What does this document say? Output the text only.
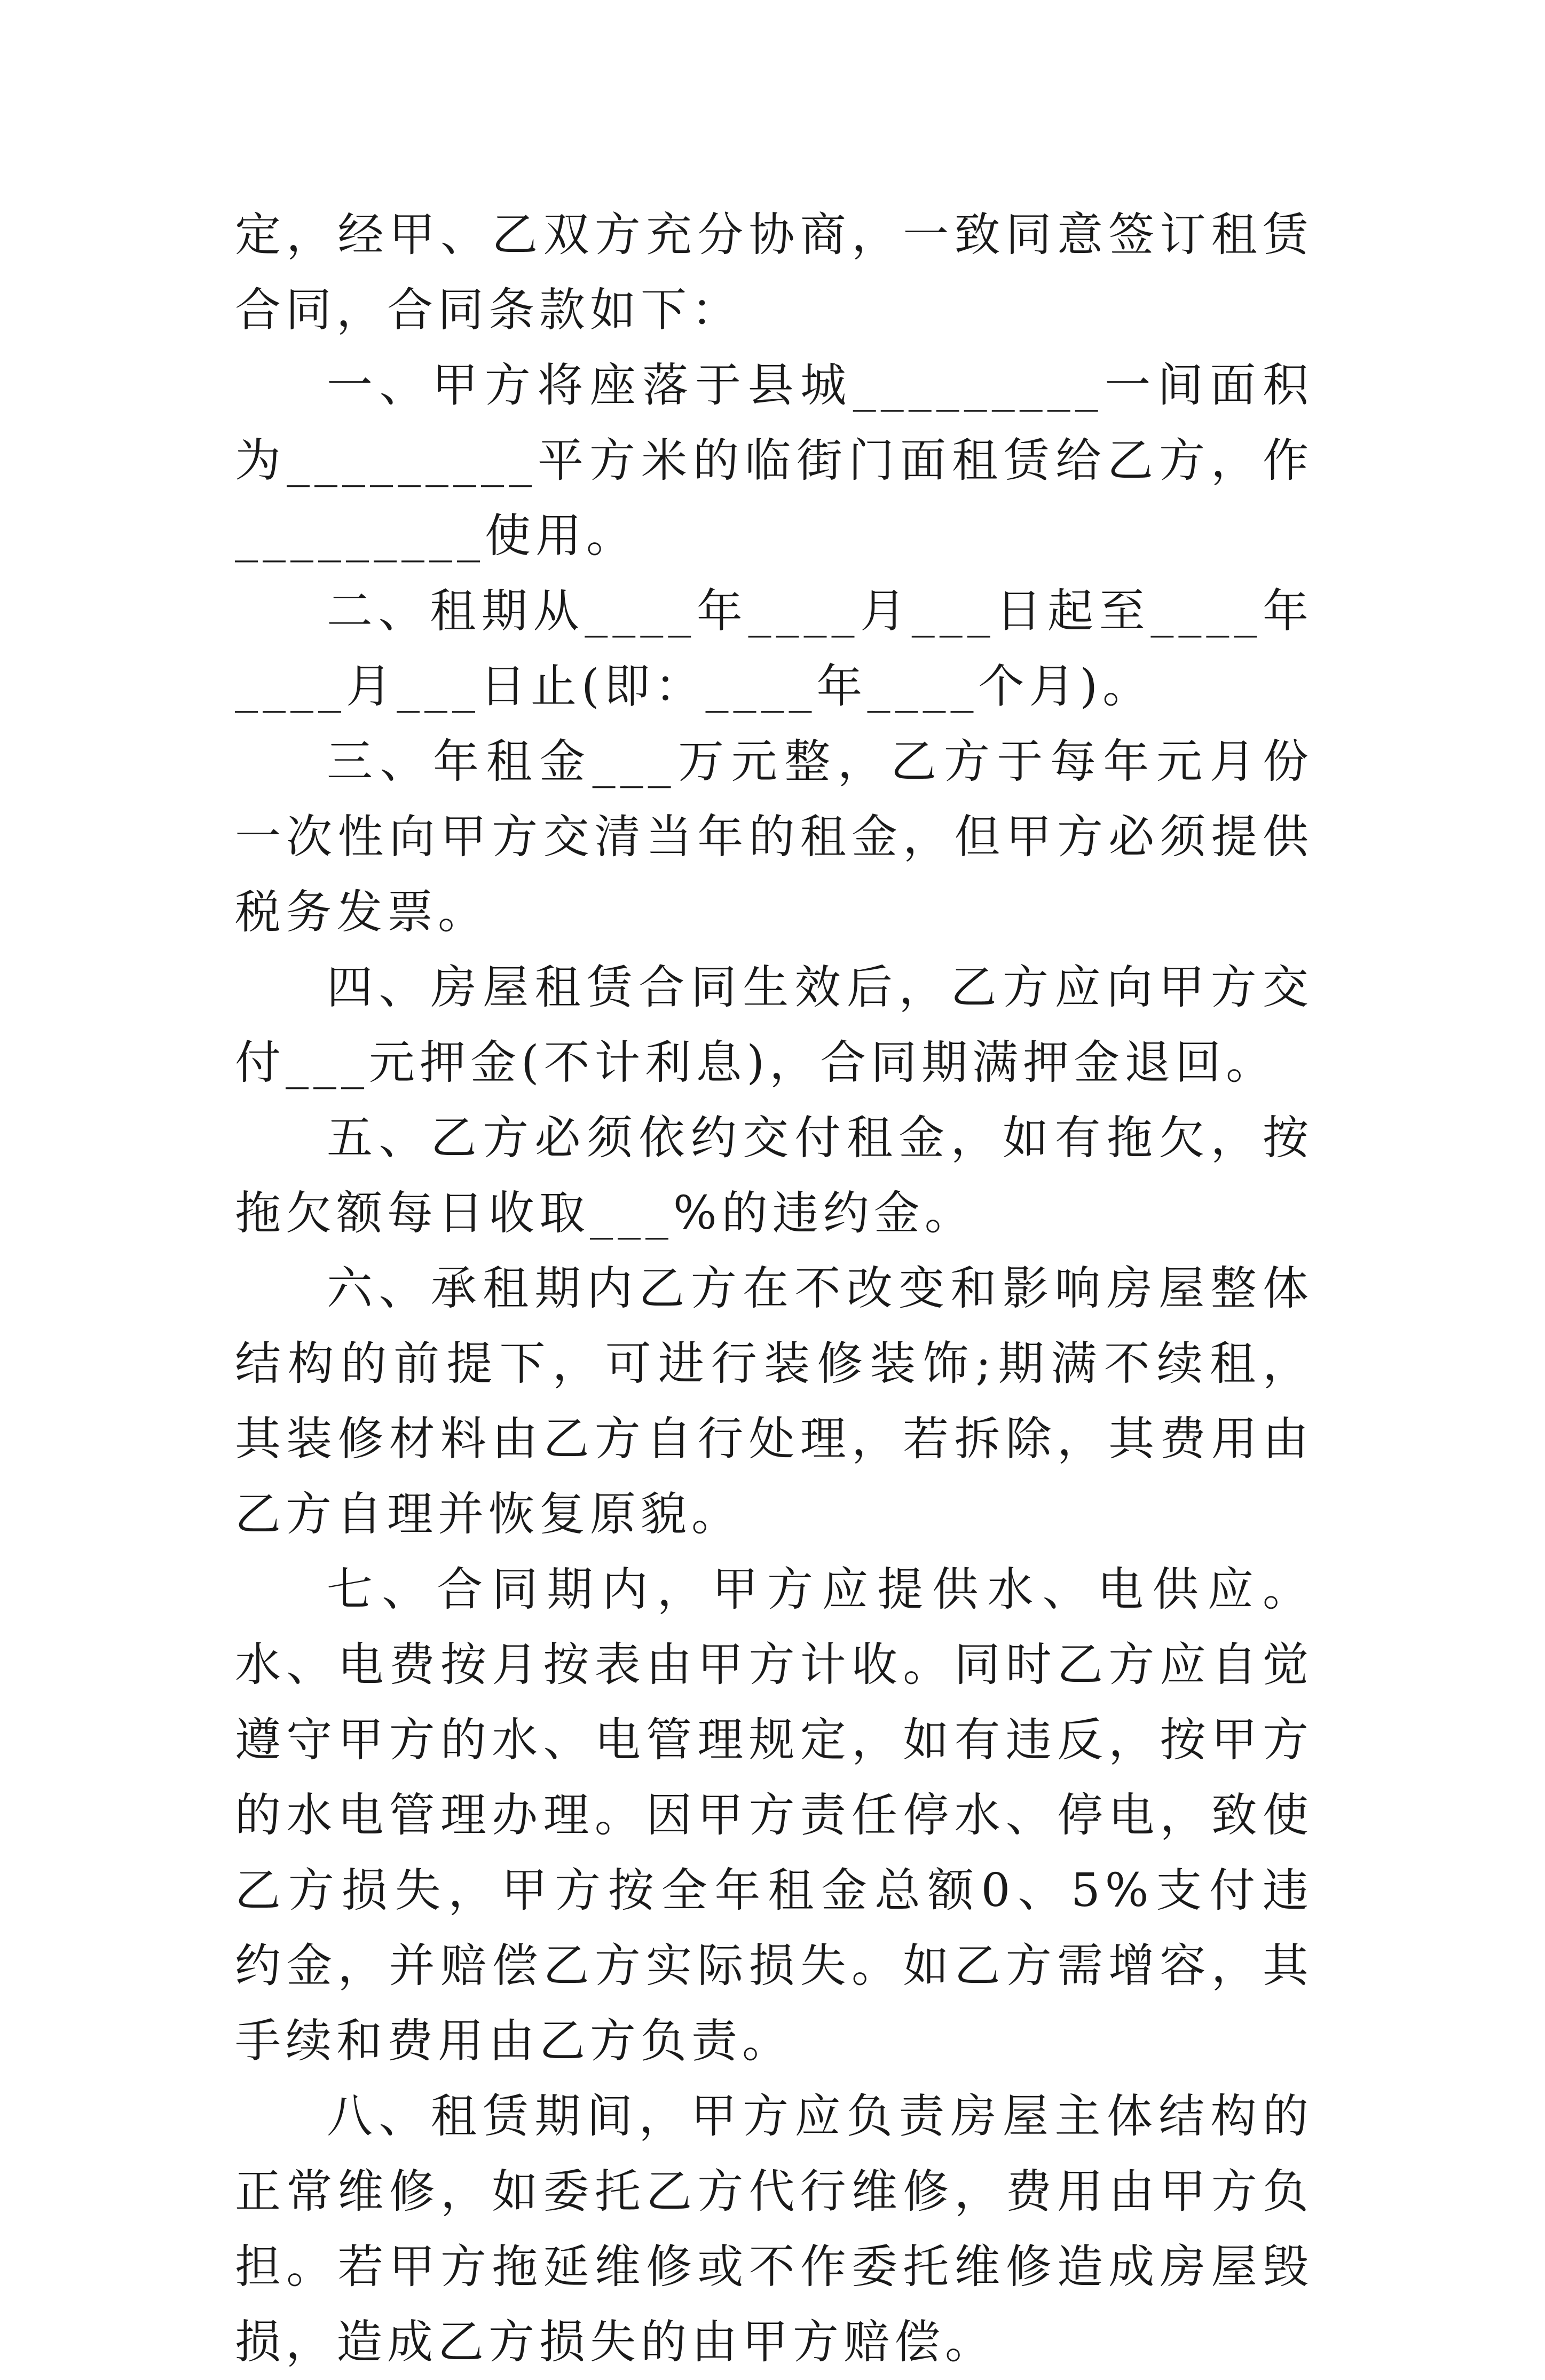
定，经甲、乙双方充分协商，一致同意签订租赁合同，合同条款如下：

一、甲方将座落于县城_________一间面积为_________平方米的临街门面租赁给乙方，作_________使用。

二、租期从____年____月___日起至____年____月___日止(即：____年____个月)。

三、年租金___万元整，乙方于每年元月份一次性向甲方交清当年的租金，但甲方必须提供税务发票。

四、房屋租赁合同生效后，乙方应向甲方交付___元押金(不计利息)，合同期满押金退回。

五、乙方必须依约交付租金，如有拖欠，按拖欠额每日收取___%的违约金。

六、承租期内乙方在不改变和影响房屋整体结构的前提下，可进行装修装饰;期满不续租，其装修材料由乙方自行处理，若拆除，其费用由乙方自理并恢复原貌。

七、合同期内，甲方应提供水、电供应。水、电费按月按表由甲方计收。同时乙方应自觉遵守甲方的水、电管理规定，如有违反，按甲方的水电管理办理。因甲方责任停水、停电，致使乙方损失，甲方按全年租金总额0、5%支付违约金，并赔偿乙方实际损失。如乙方需增容，其手续和费用由乙方负责。

八、租赁期间，甲方应负责房屋主体结构的正常维修，如委托乙方代行维修，费用由甲方负担。若甲方拖延维修或不作委托维修造成房屋毁损，造成乙方损失的由甲方赔偿。
